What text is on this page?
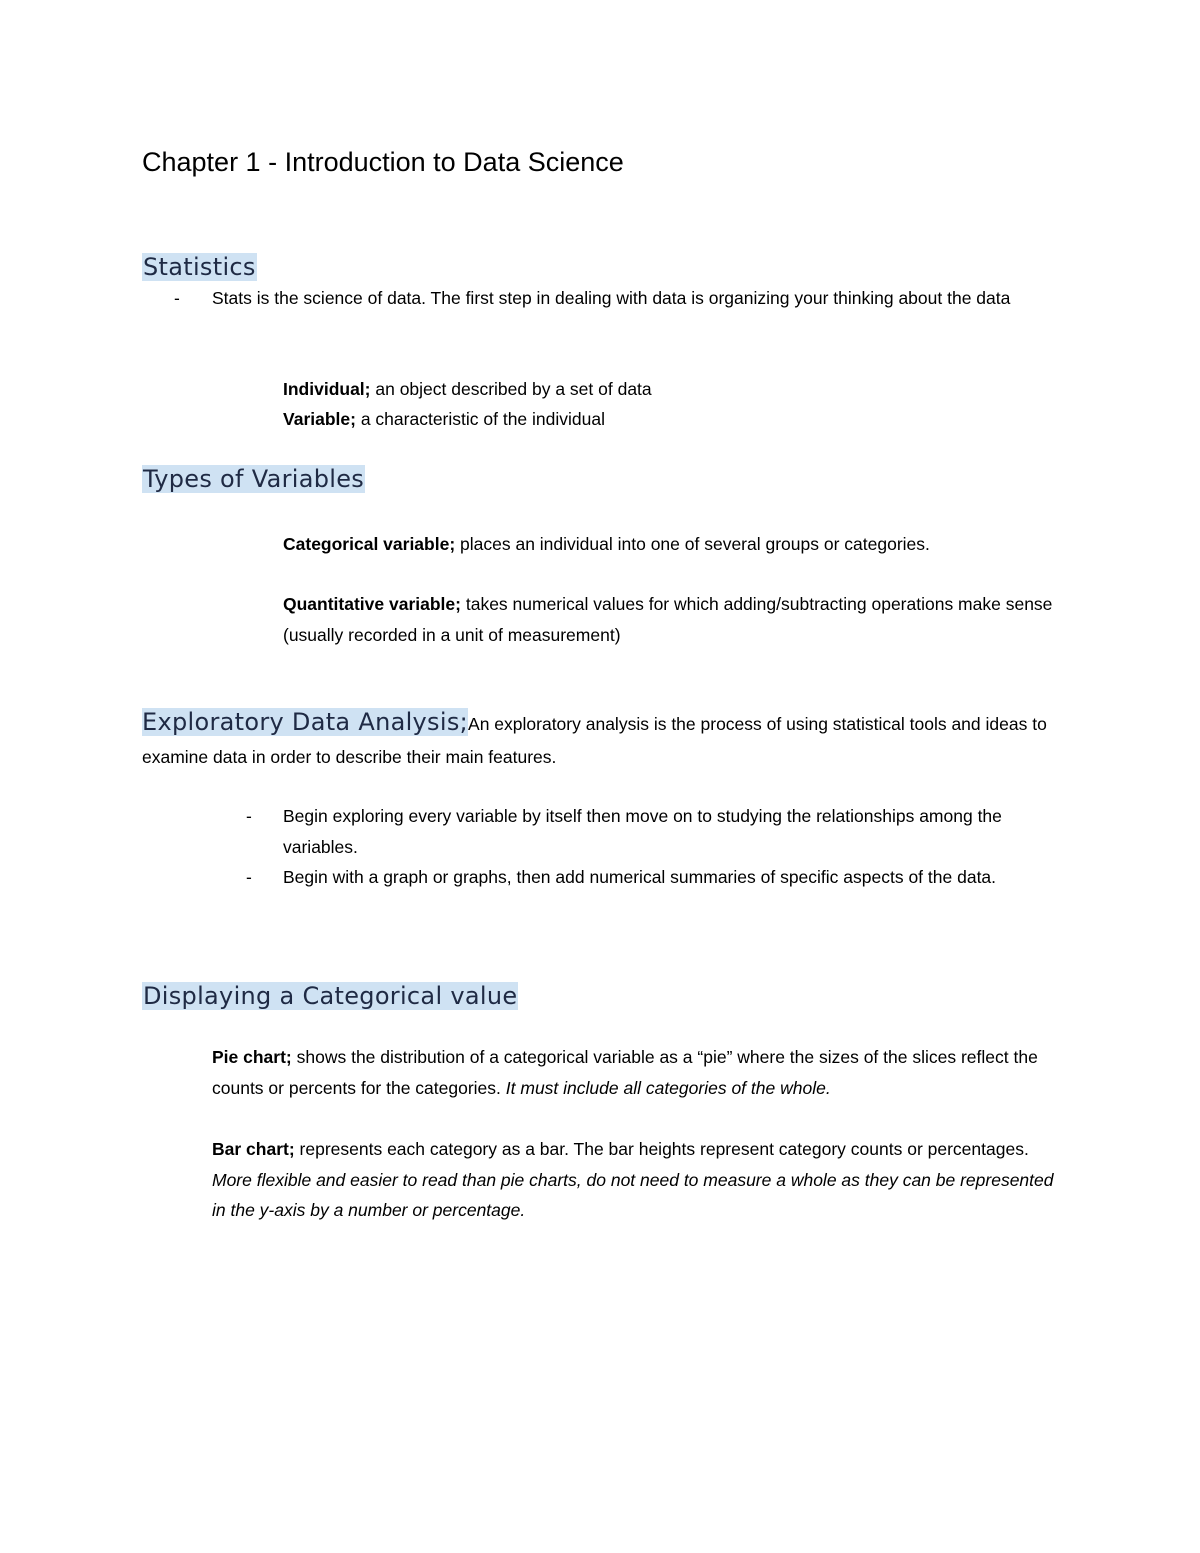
Chapter 1 - Introduction to Data Science
Statistics
- Stats is the science of data. The first step in dealing with data is organizing your thinking about the data

Individual; an object described by a set of data

Variable; a characteristic of the individual

Types of Variables

Categorical variable; places an individual into one of several groups or categories.

Quantitative variable; takes numerical values for which adding/subtracting operations make sense (usually recorded in a unit of measurement)

Exploratory Data Analysis;An exploratory analysis is the process of using statistical tools and ideas to examine data in order to describe their main features.

- Begin exploring every variable by itself then move on to studying the relationships among the variables.

- Begin with a graph or graphs, then add numerical summaries of specific aspects of the data.

Displaying a Categorical value

Pie chart; shows the distribution of a categorical variable as a “pie” where the sizes of the slices reflect the counts or percents for the categories. It must include all categories of the whole.

Bar chart; represents each category as a bar. The bar heights represent category counts or percentages. More flexible and easier to read than pie charts, do not need to measure a whole as they can be represented in the y-axis by a number or percentage.
